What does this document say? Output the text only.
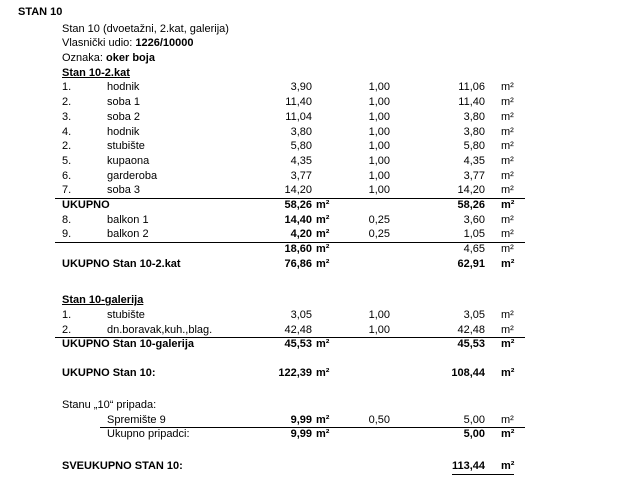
STAN 10
Stan 10 (dvoetažni, 2.kat, galerija)
Vlasnički udio: 1226/10000
Oznaka: oker boja
Stan 10-2.kat
1.	hodnik	3,90	1,00	11,06	m²
2.	soba 1	11,40	1,00	11,40	m²
3.	soba 2	11,04	1,00	3,80	m²
4.	hodnik	3,80	1,00	3,80	m²
2.	stubište	5,80	1,00	5,80	m²
5.	kupaona	4,35	1,00	4,35	m²
6.	garderoba	3,77	1,00	3,77	m²
7.	soba 3	14,20	1,00	14,20	m²
UKUPNO	58,26 m²	58,26	m²
8.	balkon 1	14,40 m²	0,25	3,60	m²
9.	balkon 2	4,20 m²	0,25	1,05	m²
18,60 m²	4,65	m²
UKUPNO Stan 10-2.kat	76,86 m²	62,91	m²
Stan 10-galerija
1.	stubište	3,05	1,00	3,05	m²
2.	dn.boravak,kuh.,blag.	42,48	1,00	42,48	m²
UKUPNO Stan 10-galerija	45,53 m²	45,53	m²
UKUPNO Stan 10:	122,39 m²	108,44	m²
Stanu „10“ pripada:
Spremište 9	9,99 m²	0,50	5,00	m²
Ukupno pripadci:	9,99 m²	5,00	m²
SVEUKUPNO STAN 10:	113,44	m²
